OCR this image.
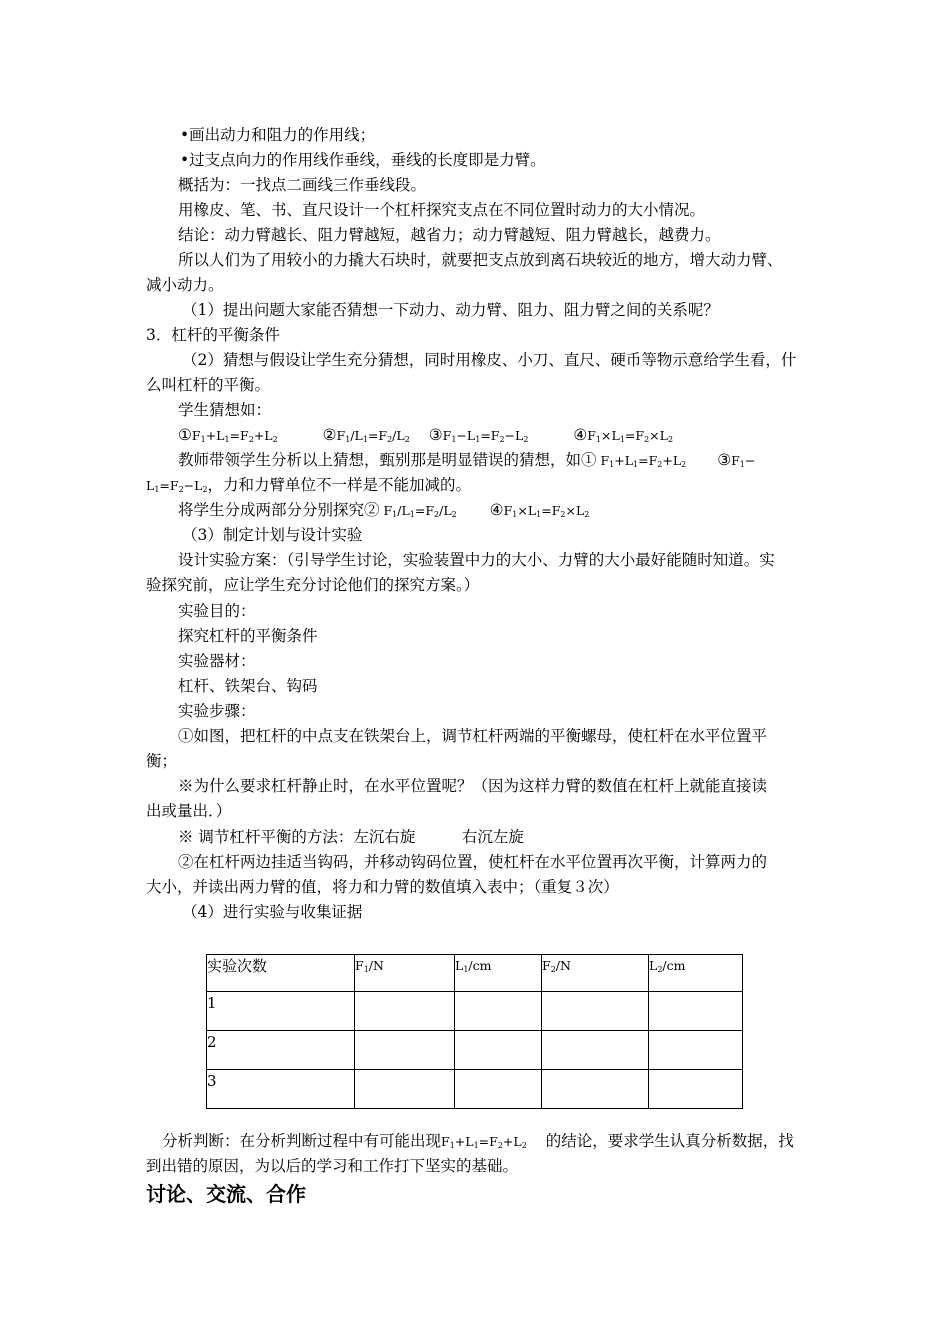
•画出动力和阻力的作用线；
•过支点向力的作用线作垂线，垂线的长度即是力臂。
概括为：一找点二画线三作垂线段。
用橡皮、笔、书、直尺设计一个杠杆探究支点在不同位置时动力的大小情况。
结论：动力臂越长、阻力臂越短，越省力；动力臂越短、阻力臂越长，越费力。
所以人们为了用较小的力撬大石块时，就要把支点放到离石块较近的地方，增大动力臂、
减小动力。
（1）提出问题大家能否猜想一下动力、动力臂、阻力、阻力臂之间的关系呢？
3．杠杆的平衡条件
（2）猜想与假设让学生充分猜想，同时用橡皮、小刀、直尺、硬币等物示意给学生看，什
么叫杠杆的平衡。
学生猜想如：
$①F_1+L_1=F_2+L_2$	$②F_1/L_1=F_2/L_2$ $③F_1-L_1=F_2-L_2$	$④F_1\times L_1=F_2\times L_2$
教师带领学生分析以上猜想，甄别那是明显错误的猜想，如① $F_1+L_1=F_2+L_2$ $③F_1-$
$L_1=F_2-L_2$，力和力臂单位不一样是不能加减的。
将学生分成两部分分别探究② $F_1/L_1=F_2/L_2$ $④F_1\times L_1=F_2\times L_2$
（3）制定计划与设计实验
设计实验方案：（引导学生讨论，实验装置中力的大小、力臂的大小最好能随时知道。实
验探究前，应让学生充分讨论他们的探究方案。）
实验目的：
探究杠杆的平衡条件
实验器材：
杠杆、铁架台、钩码
实验步骤：
①如图，把杠杆的中点支在铁架台上，调节杠杆两端的平衡螺母，使杠杆在水平位置平
衡；
※为什么要求杠杆静止时，在水平位置呢？（因为这样力臂的数值在杠杆上就能直接读
出或量出．）
※ 调节杠杆平衡的方法：左沉右旋　　　右沉左旋
②在杠杆两边挂适当钩码，并移动钩码位置，使杠杆在水平位置再次平衡，计算两力的
大小，并读出两力臂的值，将力和力臂的数值填入表中；（重复３次）
（4）进行实验与收集证据
实验次数	$F_1/N$	$L_1/cm$	$F_2/N$	$L_2/cm$
1				
2				
3				
分析判断：在分析判断过程中有可能出现$F_1+L_1=F_2+L_2$ 的结论，要求学生认真分析数据，找
到出错的原因，为以后的学习和工作打下坚实的基础。
讨论、交流、合作
